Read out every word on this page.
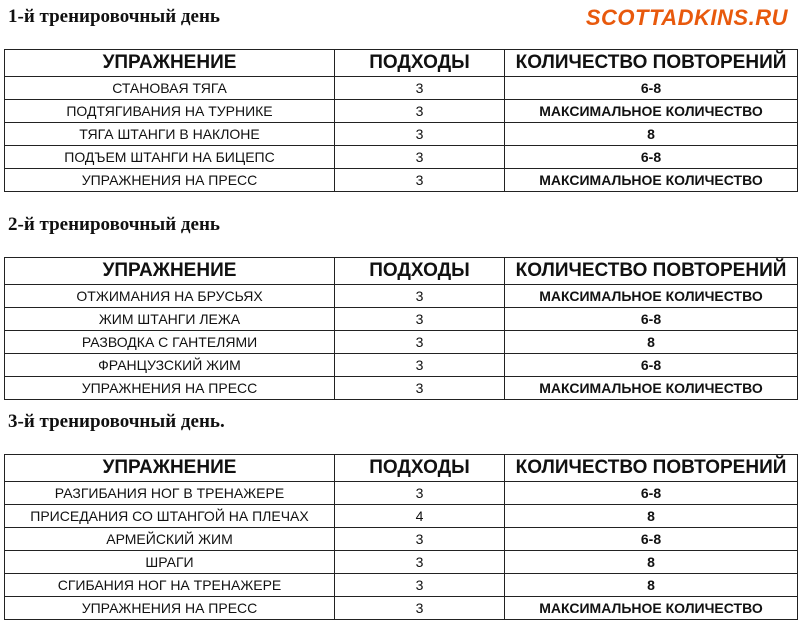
SCOTTADKINS.RU
1-й тренировочный день
УПРАЖНЕНИЕ	ПОДХОДЫ	КОЛИЧЕСТВО ПОВТОРЕНИЙ
СТАНОВАЯ ТЯГА	3	6-8
ПОДТЯГИВАНИЯ НА ТУРНИКЕ	3	МАКСИМАЛЬНОЕ КОЛИЧЕСТВО
ТЯГА ШТАНГИ В НАКЛОНЕ	3	8
ПОДЪЕМ ШТАНГИ НА БИЦЕПС	3	6-8
УПРАЖНЕНИЯ НА ПРЕСС	3	МАКСИМАЛЬНОЕ КОЛИЧЕСТВО
2-й тренировочный день
УПРАЖНЕНИЕ	ПОДХОДЫ	КОЛИЧЕСТВО ПОВТОРЕНИЙ
ОТЖИМАНИЯ НА БРУСЬЯХ	3	МАКСИМАЛЬНОЕ КОЛИЧЕСТВО
ЖИМ ШТАНГИ ЛЕЖА	3	6-8
РАЗВОДКА С ГАНТЕЛЯМИ	3	8
ФРАНЦУЗСКИЙ ЖИМ	3	6-8
УПРАЖНЕНИЯ НА ПРЕСС	3	МАКСИМАЛЬНОЕ КОЛИЧЕСТВО
3-й тренировочный день.
УПРАЖНЕНИЕ	ПОДХОДЫ	КОЛИЧЕСТВО ПОВТОРЕНИЙ
РАЗГИБАНИЯ НОГ В ТРЕНАЖЕРЕ	3	6-8
ПРИСЕДАНИЯ СО ШТАНГОЙ НА ПЛЕЧАХ	4	8
АРМЕЙСКИЙ ЖИМ	3	6-8
ШРАГИ	3	8
СГИБАНИЯ НОГ НА ТРЕНАЖЕРЕ	3	8
УПРАЖНЕНИЯ НА ПРЕСС	3	МАКСИМАЛЬНОЕ КОЛИЧЕСТВО
